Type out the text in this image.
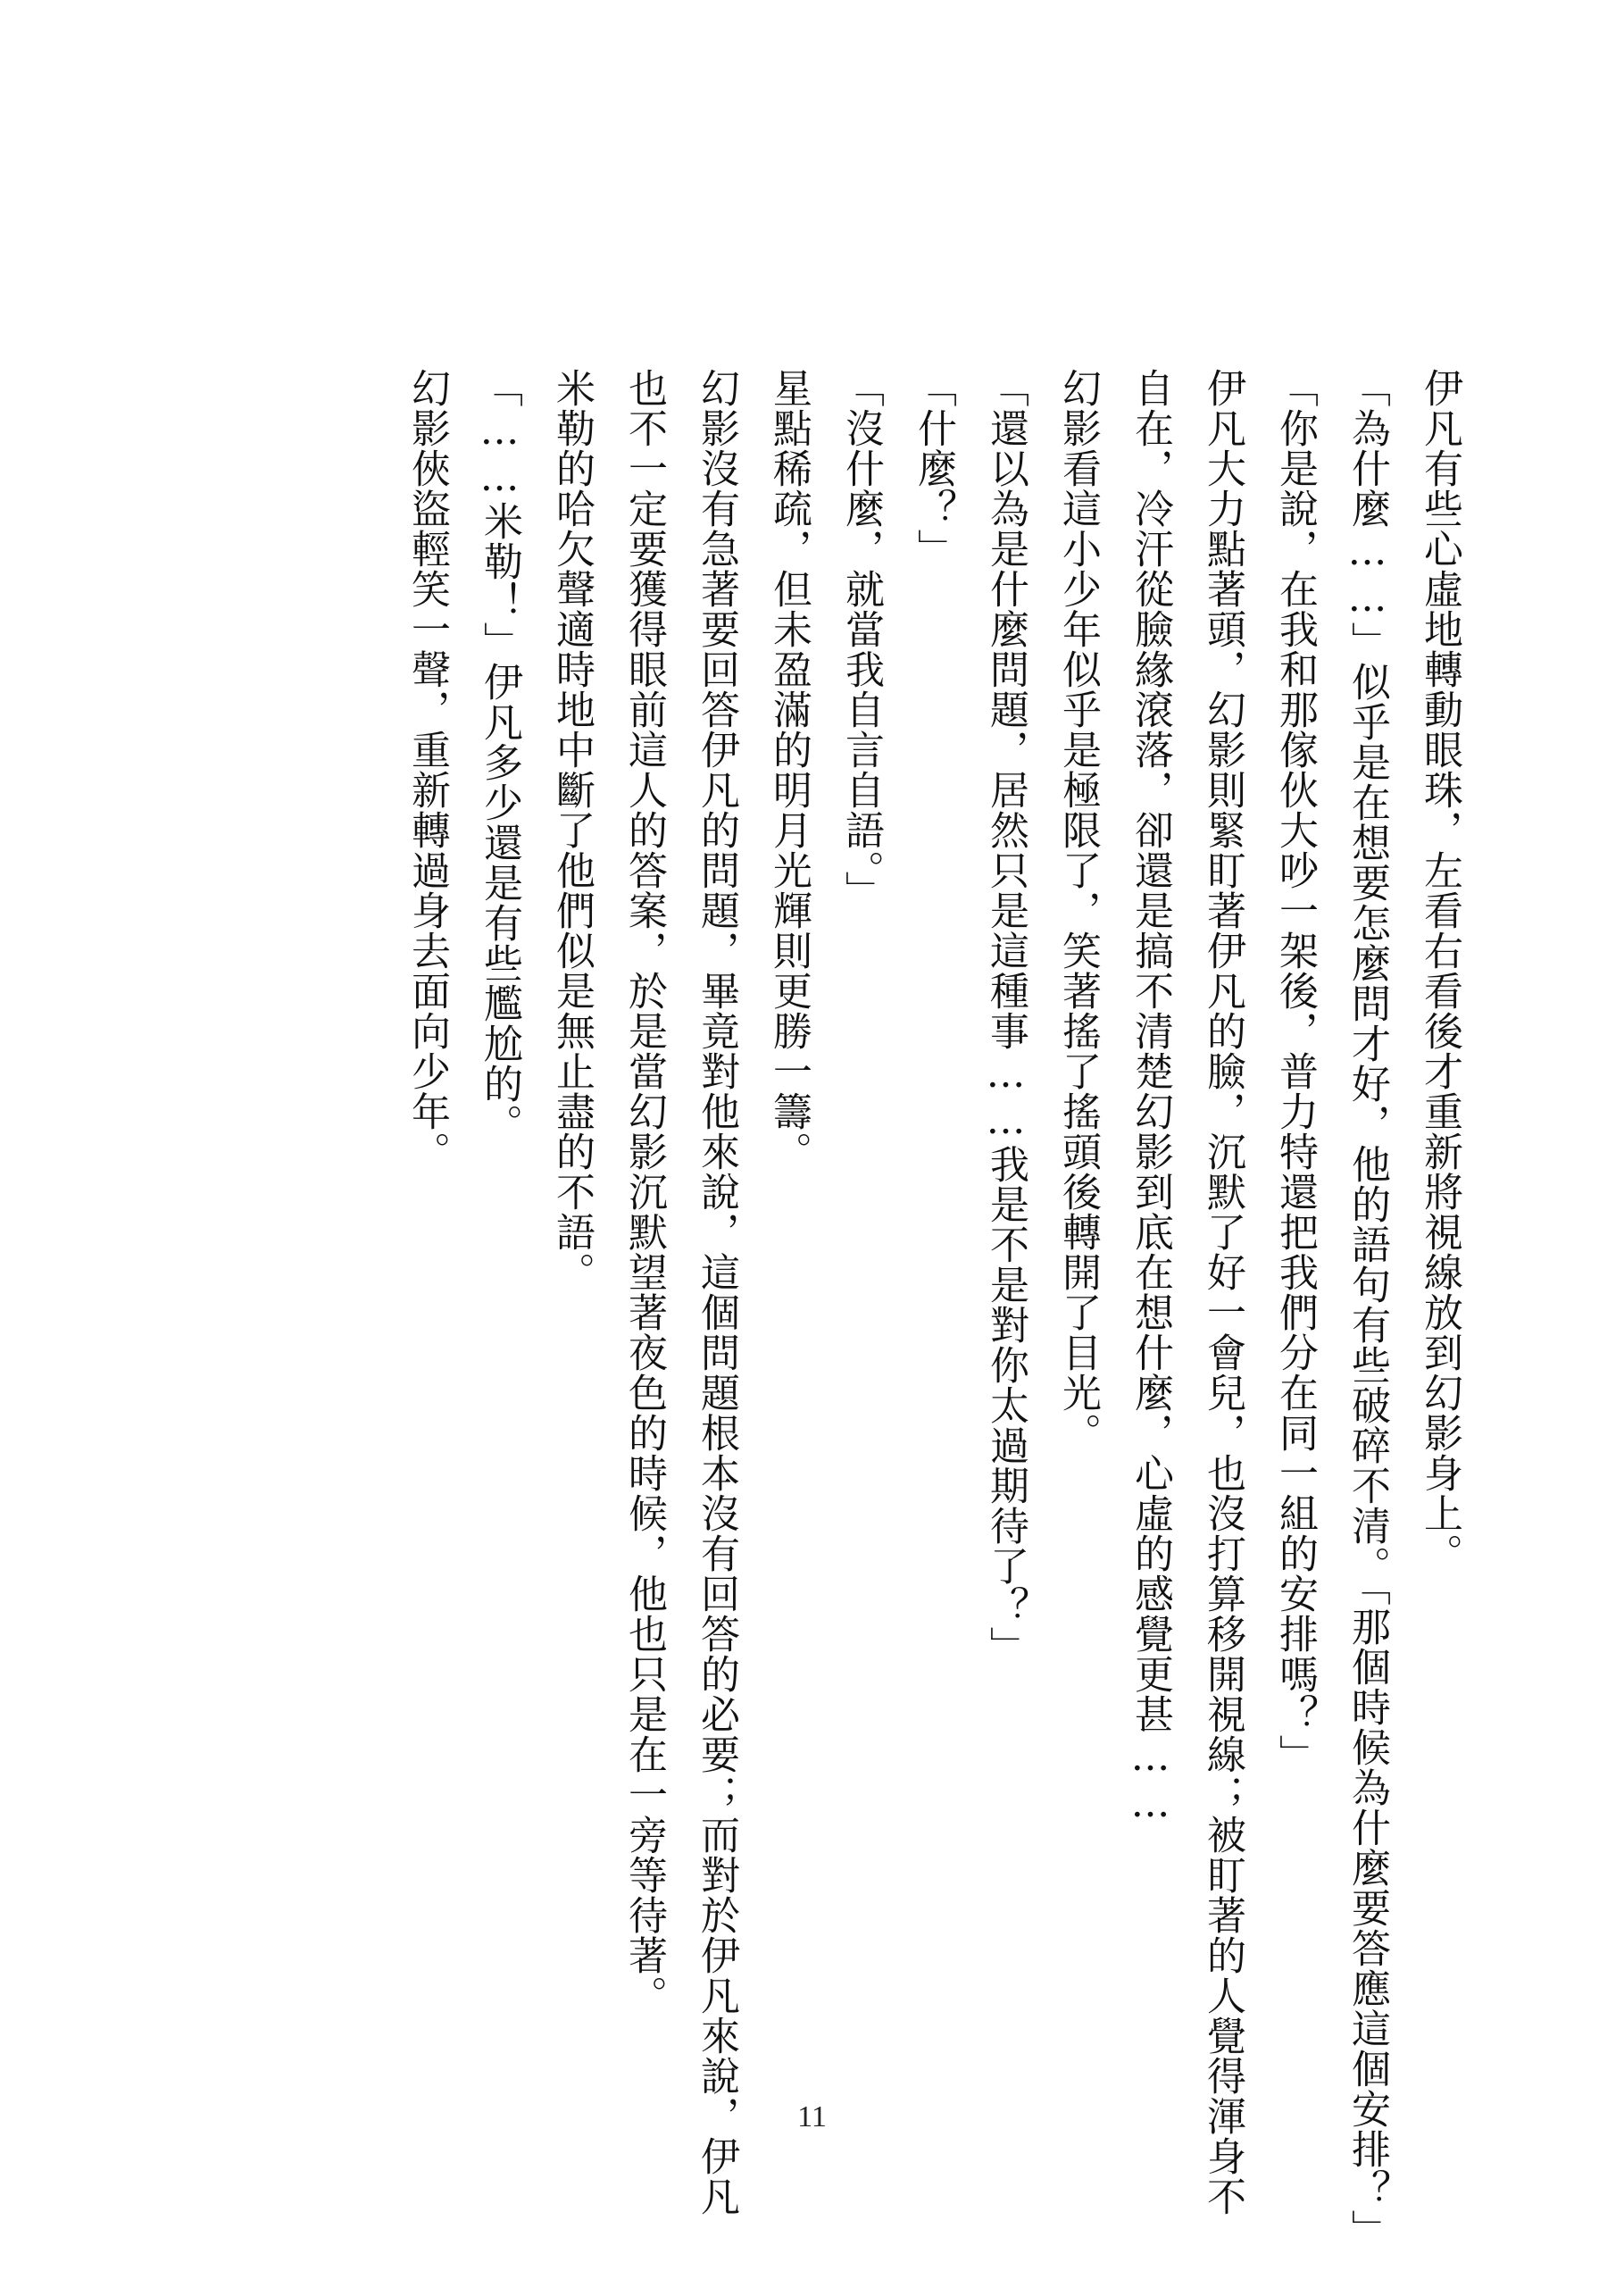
伊凡有些心虛地轉動眼珠，左看右看後才重新將視線放到幻影身上。
「為什麼……」似乎是在想要怎麼問才好，他的語句有些破碎不清。「那個時候為什麼要答應這個安排？」
「你是說，在我和那傢伙大吵一架後，普力特還把我們分在同一組的安排嗎？」
伊凡大力點著頭，幻影則緊盯著伊凡的臉，沉默了好一會兒，也沒打算移開視線；被盯著的人覺得渾身不
自在，冷汗從臉緣滾落，卻還是搞不清楚幻影到底在想什麼，心虛的感覺更甚……
幻影看這小少年似乎是極限了，笑著搖了搖頭後轉開了目光。
「還以為是什麼問題，居然只是這種事……我是不是對你太過期待了？」
「什麼？」
「沒什麼，就當我自言自語。」
星點稀疏，但未盈滿的明月光輝則更勝一籌。
幻影沒有急著要回答伊凡的問題，畢竟對他來說，這個問題根本沒有回答的必要；而對於伊凡來說，伊凡
也不一定要獲得眼前這人的答案，於是當幻影沉默望著夜色的時候，他也只是在一旁等待著。
米勒的哈欠聲適時地中斷了他們似是無止盡的不語。
「……米勒！」伊凡多少還是有些尷尬的。
幻影俠盜輕笑一聲，重新轉過身去面向少年。
11
